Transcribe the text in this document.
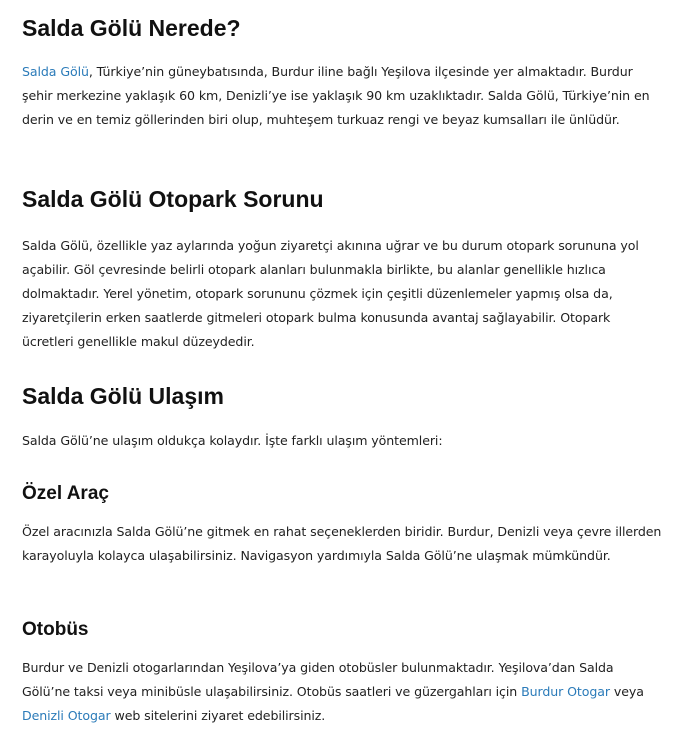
Salda Gölü Nerede?

Salda Gölü, Türkiye’nin güneybatısında, Burdur iline bağlı Yeşilova ilçesinde yer almaktadır. Burdur şehir merkezine yaklaşık 60 km, Denizli’ye ise yaklaşık 90 km uzaklıktadır. Salda Gölü, Türkiye’nin en derin ve en temiz göllerinden biri olup, muhteşem turkuaz rengi ve beyaz kumsalları ile ünlüdür.

Salda Gölü Otopark Sorunu

Salda Gölü, özellikle yaz aylarında yoğun ziyaretçi akınına uğrar ve bu durum otopark sorununa yol açabilir. Göl çevresinde belirli otopark alanları bulunmakla birlikte, bu alanlar genellikle hızlıca dolmaktadır. Yerel yönetim, otopark sorununu çözmek için çeşitli düzenlemeler yapmış olsa da, ziyaretçilerin erken saatlerde gitmeleri otopark bulma konusunda avantaj sağlayabilir. Otopark ücretleri genellikle makul düzeydedir.

Salda Gölü Ulaşım

Salda Gölü’ne ulaşım oldukça kolaydır. İşte farklı ulaşım yöntemleri:

Özel Araç

Özel aracınızla Salda Gölü’ne gitmek en rahat seçeneklerden biridir. Burdur, Denizli veya çevre illerden karayoluyla kolayca ulaşabilirsiniz. Navigasyon yardımıyla Salda Gölü’ne ulaşmak mümkündür.

Otobüs

Burdur ve Denizli otogarlarından Yeşilova’ya giden otobüsler bulunmaktadır. Yeşilova’dan Salda Gölü’ne taksi veya minibüsle ulaşabilirsiniz. Otobüs saatleri ve güzergahları için Burdur Otogar veya Denizli Otogar web sitelerini ziyaret edebilirsiniz.
